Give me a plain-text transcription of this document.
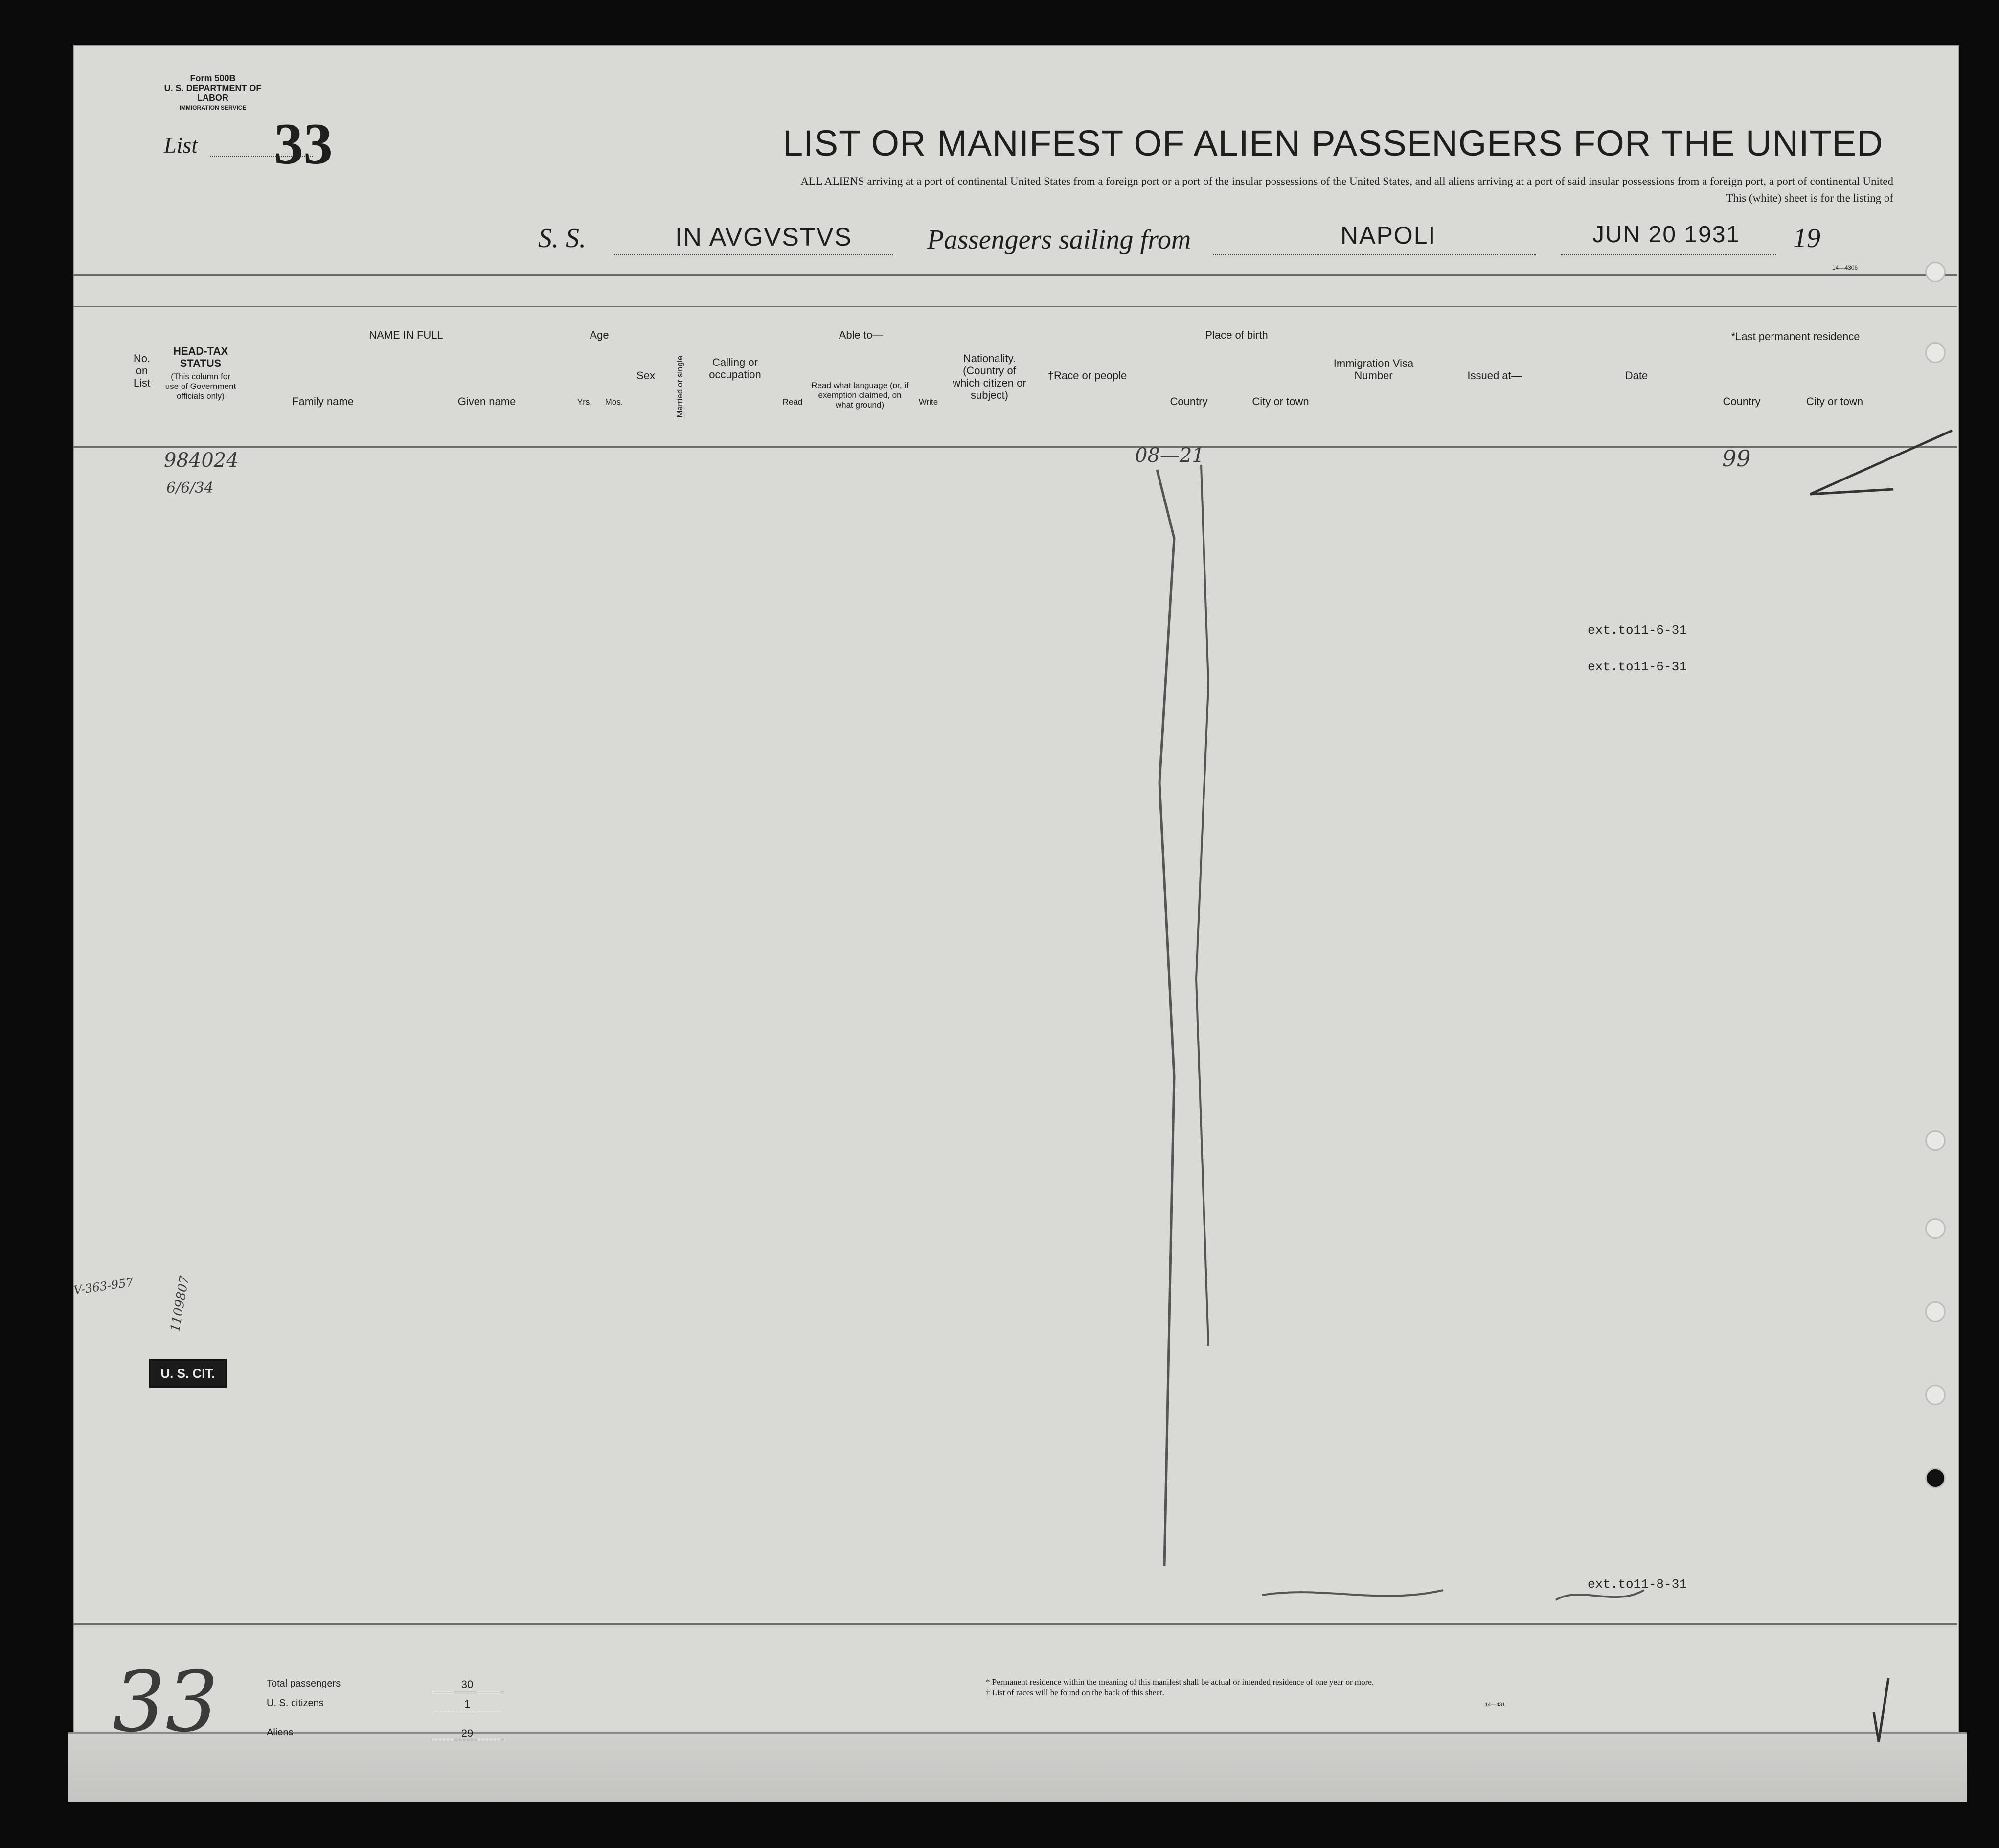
Form 500B
U. S. DEPARTMENT OF LABOR
IMMIGRATION SERVICE
List 33	LIST OR MANIFEST OF ALIEN PASSENGERS FOR THE UNITED
ALL ALIENS arriving at a port of continental United States from a foreign port or a port of the insular possessions of the United States, and all aliens arriving at a port of said insular possessions from a foreign port, a port of continental United
This (white) sheet is for the listing of
S. S.	IN AVGVSTVS	Passengers sailing from	NAPOLI	JUN 20 1931 19
14—4306
No. on List
HEAD-TAX STATUS
(This column for use of Government officials only)
NAME IN FULL
Family name	Given name
Age
Yrs.	Mos.
Sex	Married or single	Calling or occupation
Able to—
Read
Read what language (or, if exemption claimed, on what ground)	Write
Nationality. (Country of which citizen or subject)
†Race or people
Place of birth
Country	City or town
Immigration Visa Number	Issued at—	Date
*Last permanent residence
Country	City or town
ext.to11-6-31
ext.to11-6-31
ext.to11-8-31
984024
6/6/34
08—21	99
V-363-957	1109807
U. S. CIT.
33	Total passengers	30
U. S. citizens	1
Aliens	29
* Permanent residence within the meaning of this manifest shall be actual or intended residence of one year or more.
† List of races will be found on the back of this sheet.
14—431
